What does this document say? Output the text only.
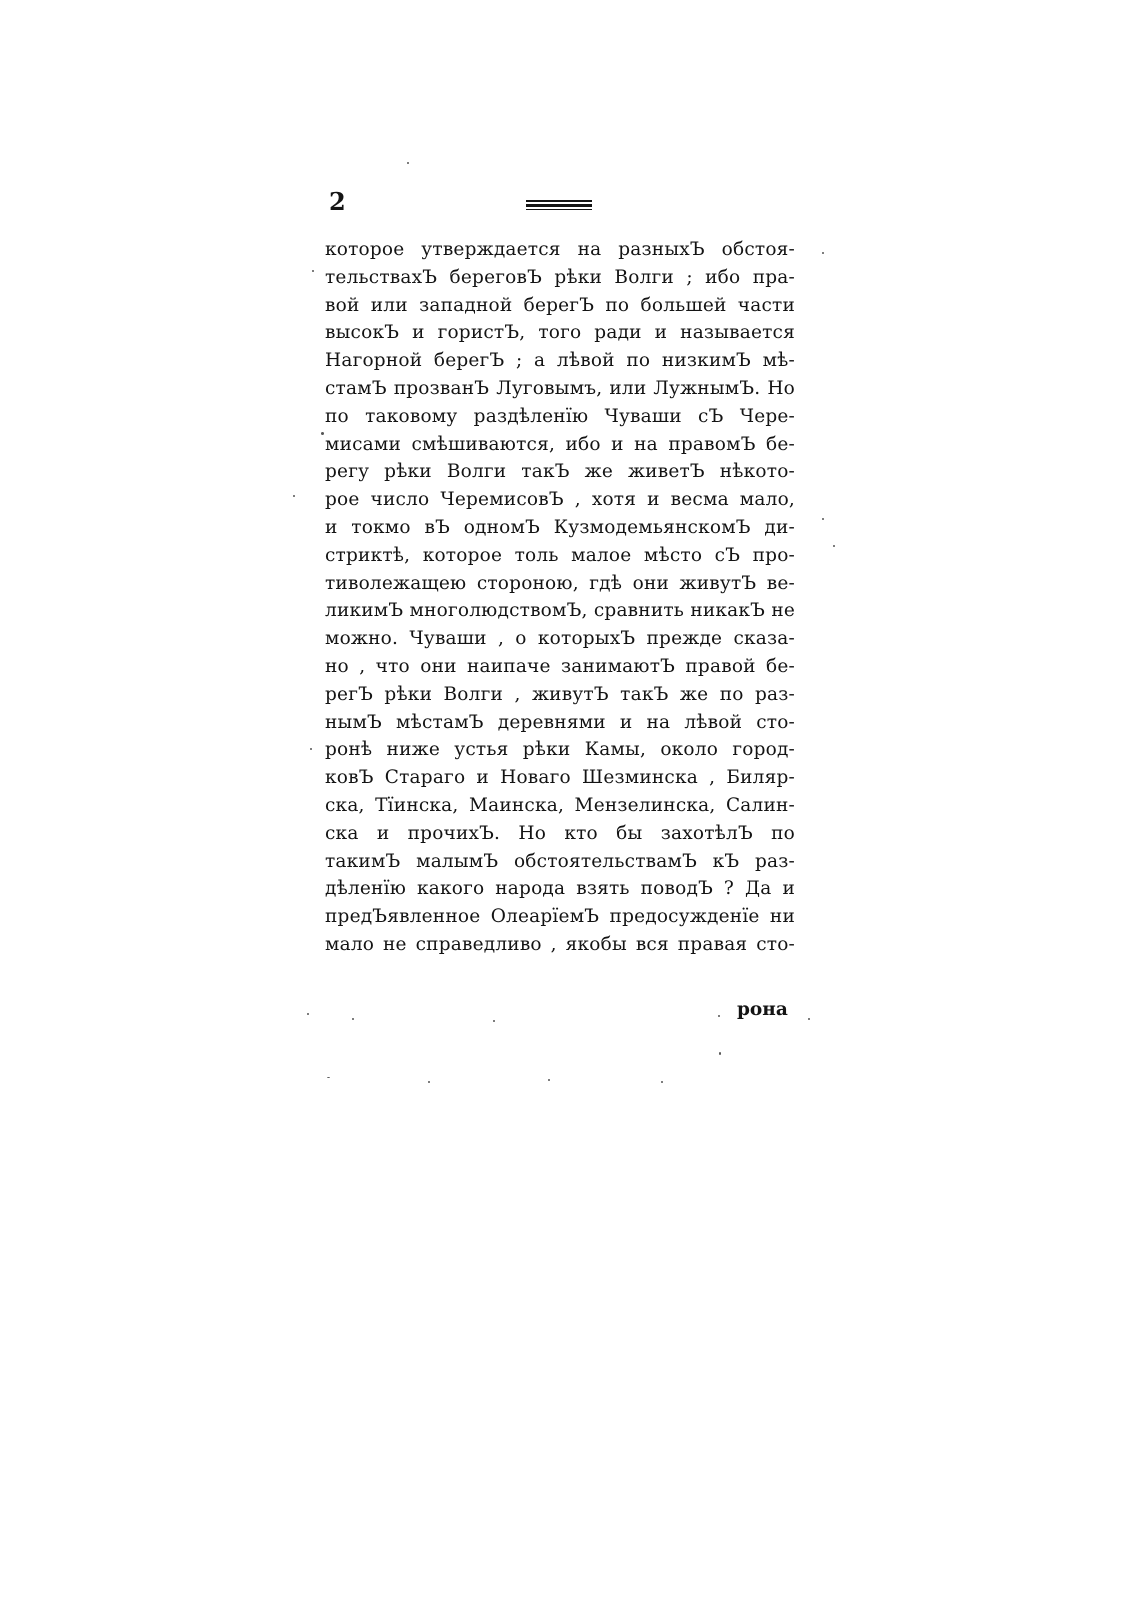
2
которое утверждается на разныхЪ обстоя-
тельствахЪ береговЪ рѣки Волги ; ибо пра-
вой или западной берегЪ по большей части
высокЪ и гористЪ, того ради и называется
Нагорной берегЪ ; а лѣвой по низкимЪ мѣ-
стамЪ прозванЪ Луговымъ, или ЛужнымЪ. Но
по таковому раздѣленїю Чуваши сЪ Чере-
мисами смѣшиваются, ибо и на правомЪ бе-
регу рѣки Волги такЪ же живетЪ нѣкото-
рое число ЧеремисовЪ , хотя и весма мало,
и токмо вЪ одномЪ КузмодемьянскомЪ ди-
стриктѣ, которое толь малое мѣсто сЪ про-
тиволежащею стороною, гдѣ они живутЪ ве-
ликимЪ многолюдствомЪ, сравнить никакЪ не
можно. Чуваши , о которыхЪ прежде сказа-
но , что они наипаче занимаютЪ правой бе-
регЪ рѣки Волги , живутЪ такЪ же по раз-
нымЪ мѣстамЪ деревнями и на лѣвой сто-
ронѣ ниже устья рѣки Камы, около город-
ковЪ Стараго и Новаго Шезминска , Биляр-
ска, Тїинска, Маинска, Мензелинска, Салин-
ска и прочихЪ. Но кто бы захотѣлЪ по
такимЪ малымЪ обстоятельствамЪ кЪ раз-
дѣленїю какого народа взять поводЪ ? Да и
предЪявленное ОлеарїемЪ предосужденїе ни
мало не справедливо , якобы вся правая сто-
рона
